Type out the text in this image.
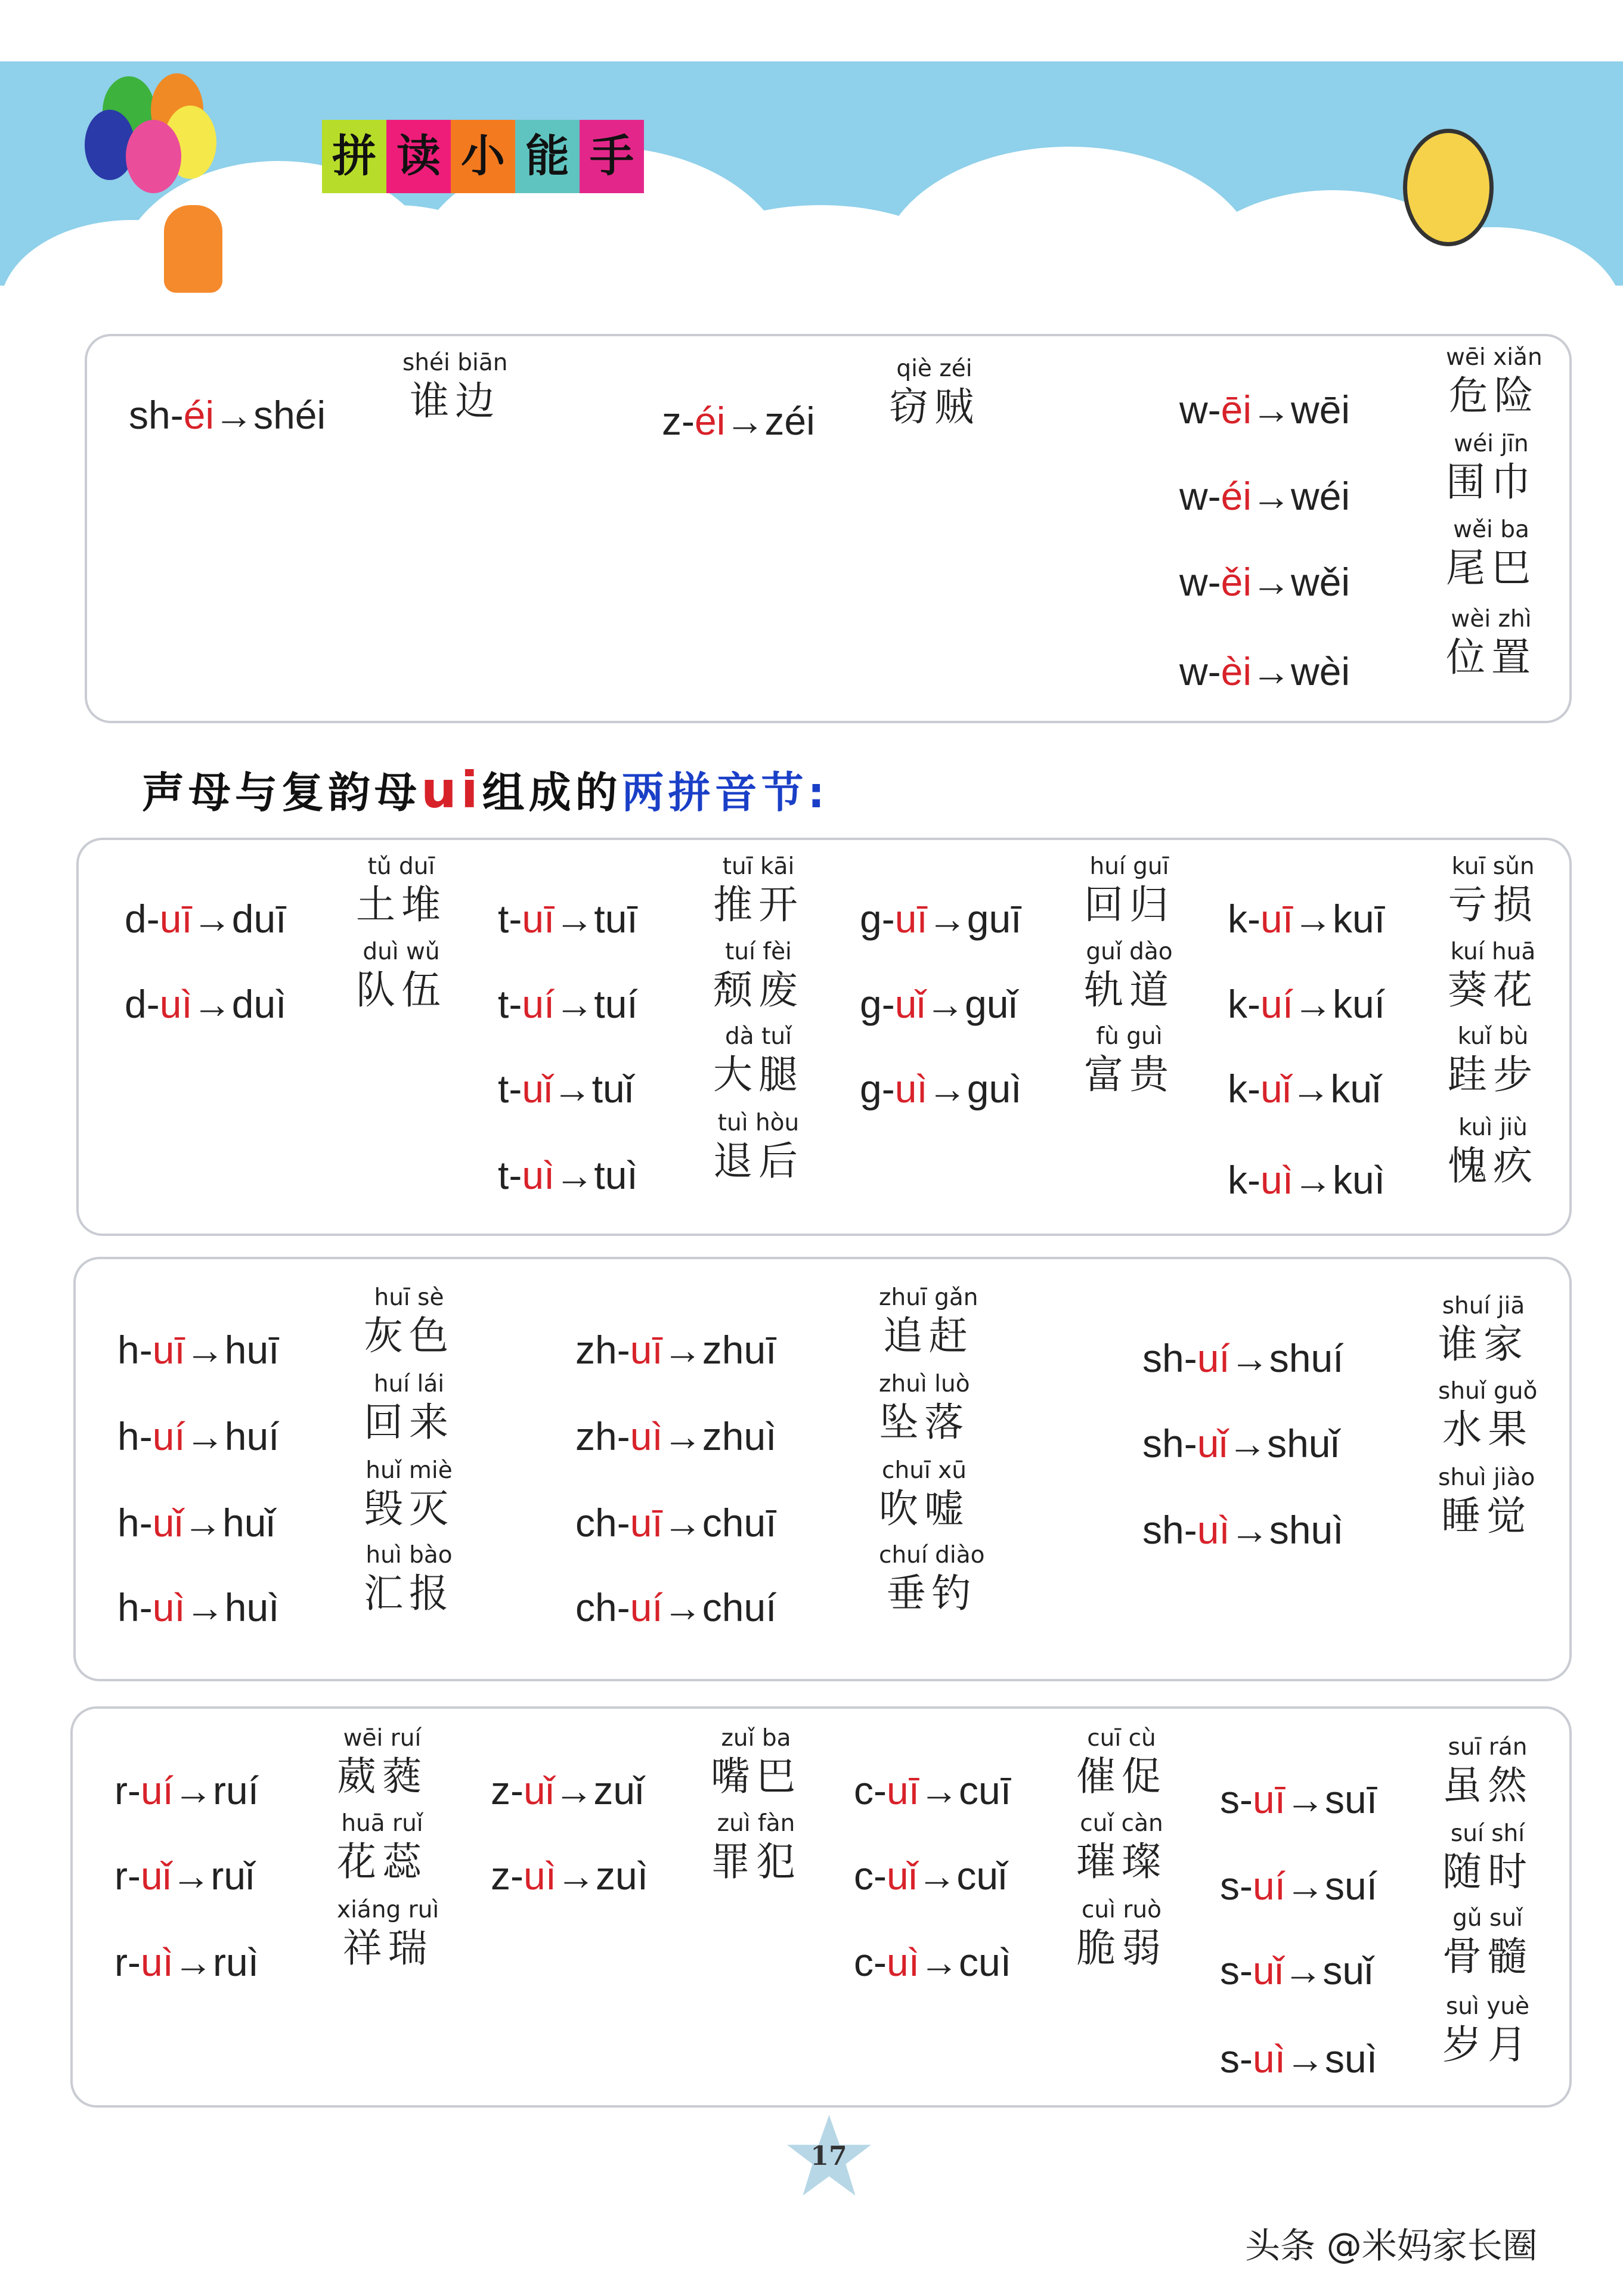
拼 读 小 能 手
声母与复韵母ui组成的两拼音节:
sh-éi→shéi
shéi biān
谁边	z-éi→zéi
qiè zéi
窃贼	w-ēi→wēi
wēi xiǎn
危险
w-éi→wéi
wéi jīn
围巾
w-ěi→wěi
wěi ba
尾巴
w-èi→wèi
wèi zhì
位置
d-uī→duī
tǔ duī
土堆
d-uì→duì
duì wǔ
队伍
t-uī→tuī
tuī kāi
推开
t-uí→tuí
tuí fèi
颓废
t-uǐ→tuǐ
dà tuǐ
大腿
t-uì→tuì
tuì hòu
退后
g-uī→guī
huí guī
回归
g-uǐ→guǐ
guǐ dào
轨道
g-uì→guì
fù guì
富贵
k-uī→kuī
kuī sǔn
亏损
k-uí→kuí
kuí huā
葵花
k-uǐ→kuǐ
kuǐ bù
跬步
k-uì→kuì
kuì jiù
愧疚
h-uī→huī
huī sè
灰色
h-uí→huí
huí lái
回来
h-uǐ→huǐ
huǐ miè
毁灭
h-uì→huì
huì bào
汇报
zh-uī→zhuī
zhuī gǎn
追赶
zh-uì→zhuì
zhuì luò
坠落
ch-uī→chuī
chuī xū
吹嘘
ch-uí→chuí
chuí diào
垂钓
sh-uí→shuí
shuí jiā
谁家
sh-uǐ→shuǐ
shuǐ guǒ
水果
sh-uì→shuì
shuì jiào
睡觉
r-uí→ruí
wēi ruí
葳蕤
r-uǐ→ruǐ
huā ruǐ
花蕊
r-uì→ruì
xiáng ruì
祥瑞
z-uǐ→zuǐ
zuǐ ba
嘴巴
z-uì→zuì
zuì fàn
罪犯
c-uī→cuī
cuī cù
催促
c-uǐ→cuǐ
cuǐ càn
璀璨
c-uì→cuì
cuì ruò
脆弱
s-uī→suī
suī rán
虽然
s-uí→suí
suí shí
随时
s-uǐ→suǐ
gǔ suǐ
骨髓
s-uì→suì
suì yuè
岁月
17
头条 @米妈家长圈
